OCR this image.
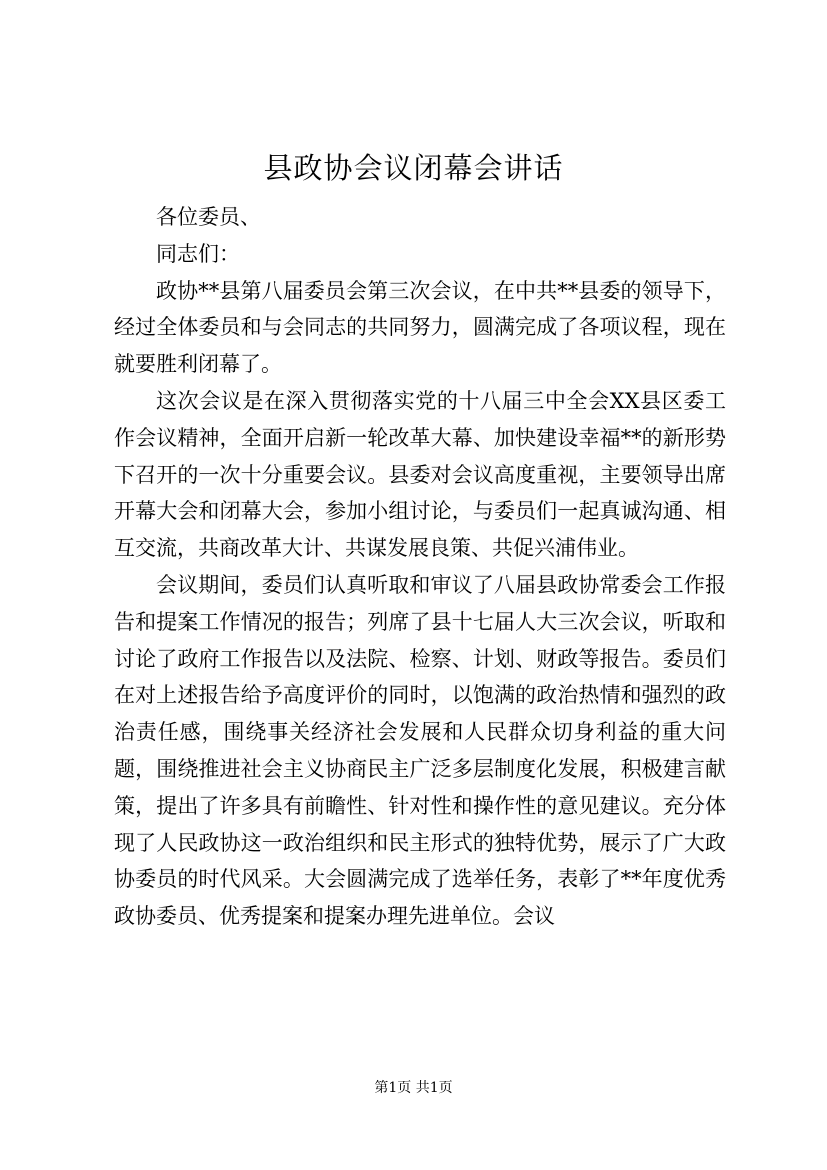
县政协会议闭幕会讲话

各位委员、

同志们：

政协**县第八届委员会第三次会议，在中共**县委的领导下，经过全体委员和与会同志的共同努力，圆满完成了各项议程，现在就要胜利闭幕了。

这次会议是在深入贯彻落实党的十八届三中全会XX县区委工作会议精神，全面开启新一轮改革大幕、加快建设幸福**的新形势下召开的一次十分重要会议。县委对会议高度重视，主要领导出席开幕大会和闭幕大会，参加小组讨论，与委员们一起真诚沟通、相互交流，共商改革大计、共谋发展良策、共促兴浦伟业。

会议期间，委员们认真听取和审议了八届县政协常委会工作报告和提案工作情况的报告；列席了县十七届人大三次会议，听取和讨论了政府工作报告以及法院、检察、计划、财政等报告。委员们在对上述报告给予高度评价的同时，以饱满的政治热情和强烈的政治责任感，围绕事关经济社会发展和人民群众切身利益的重大问题，围绕推进社会主义协商民主广泛多层制度化发展，积极建言献策，提出了许多具有前瞻性、针对性和操作性的意见建议。充分体现了人民政协这一政治组织和民主形式的独特优势，展示了广大政协委员的时代风采。大会圆满完成了选举任务，表彰了**年度优秀政协委员、优秀提案和提案办理先进单位。会议

第1页 共1页
